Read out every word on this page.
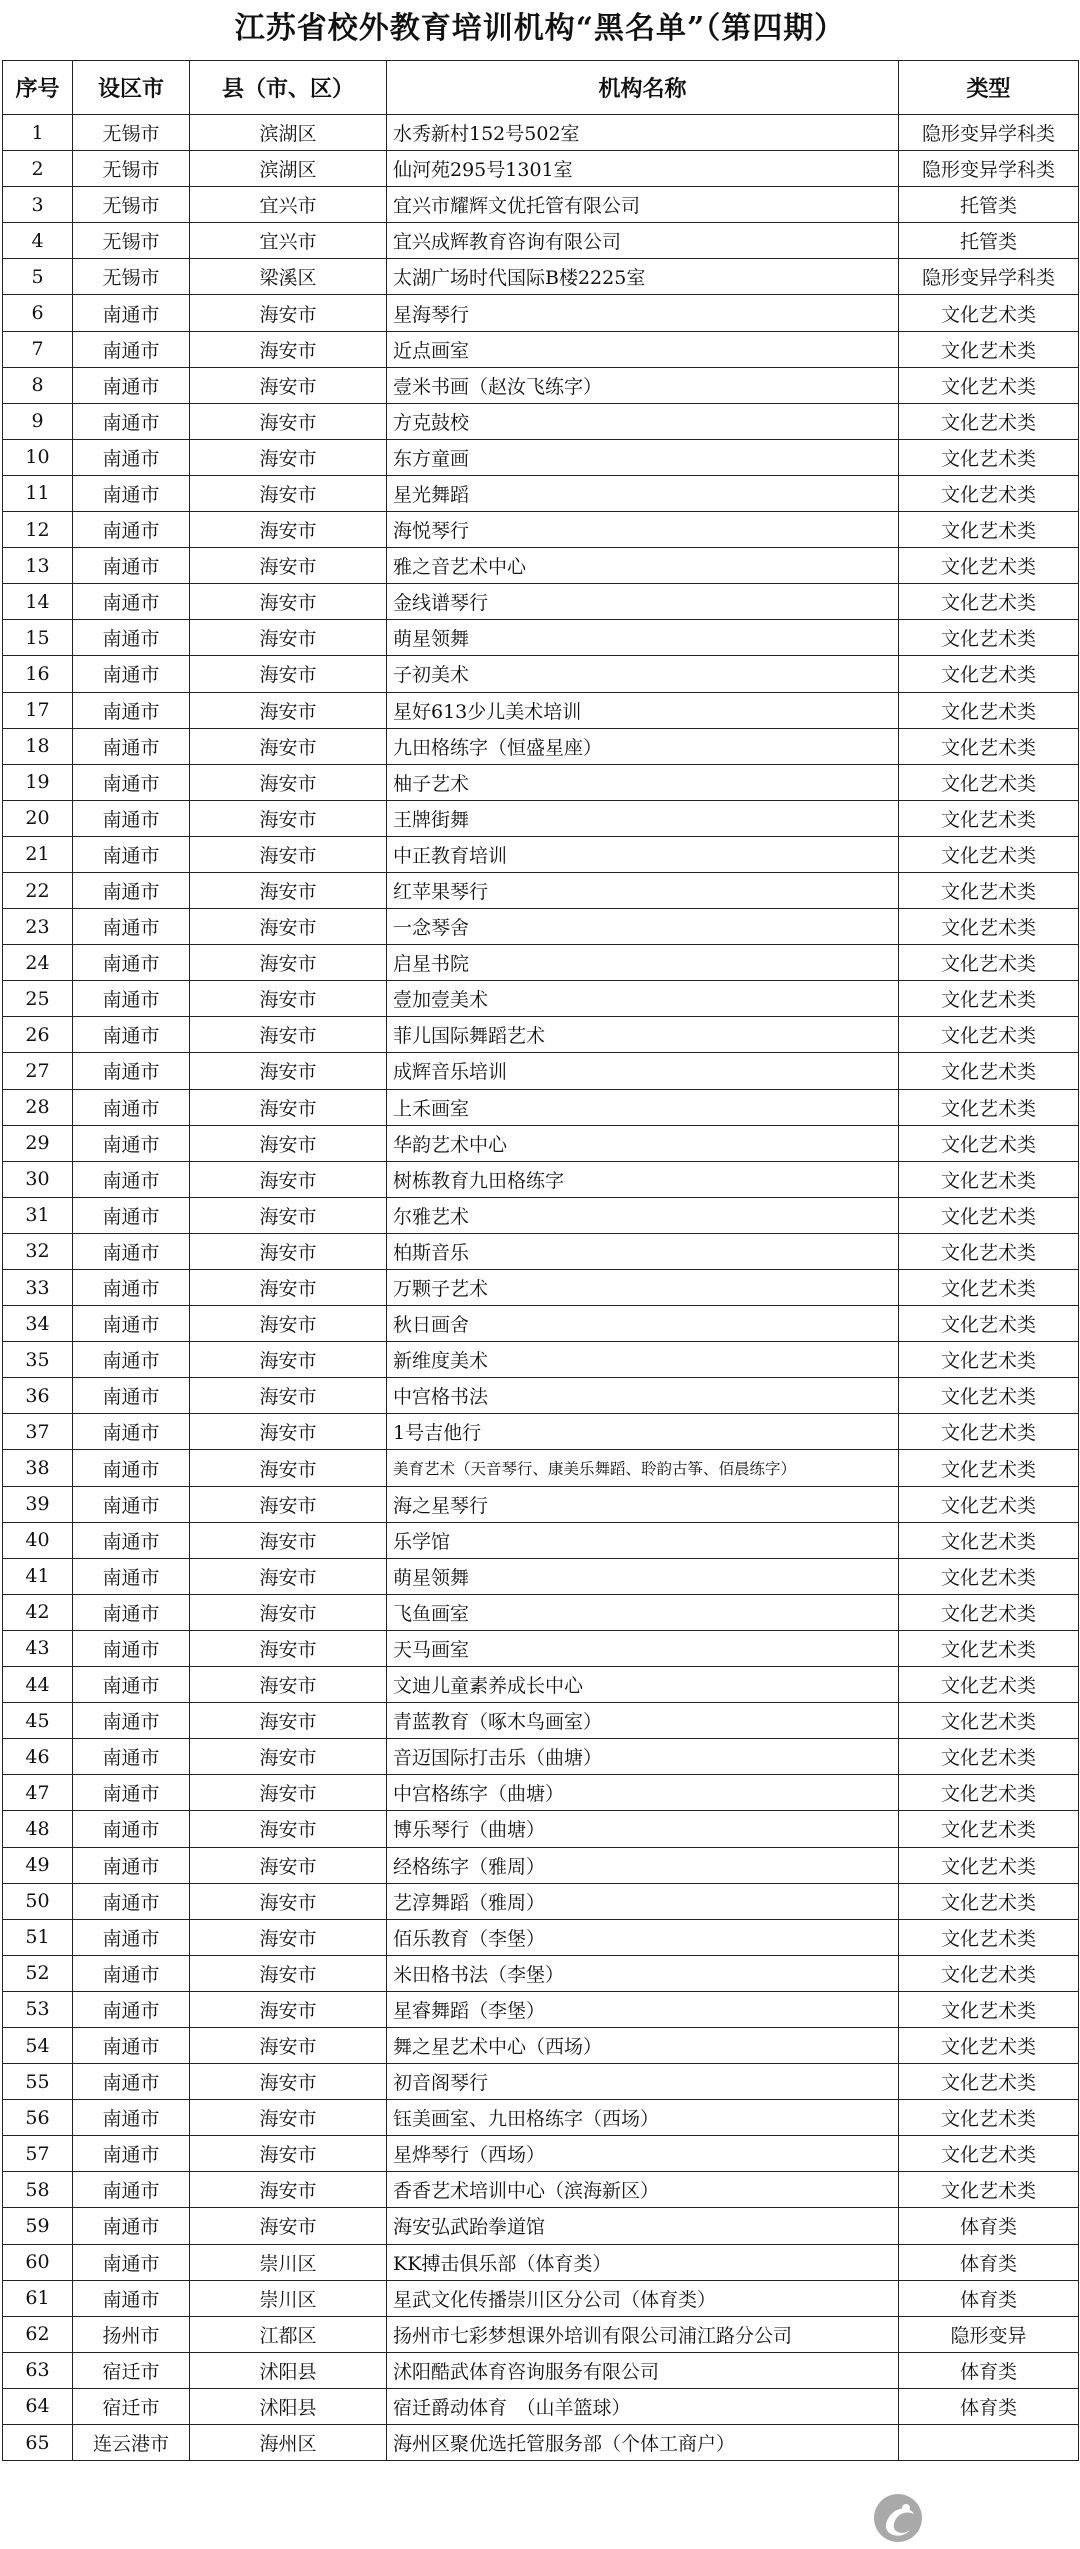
江苏省校外教育培训机构“黑名单”（第四期）
序号	设区市	县（市、区）	机构名称	类型
1	无锡市	滨湖区	水秀新村152号502室	隐形变异学科类
2	无锡市	滨湖区	仙河苑295号1301室	隐形变异学科类
3	无锡市	宜兴市	宜兴市耀辉文优托管有限公司	托管类
4	无锡市	宜兴市	宜兴成辉教育咨询有限公司	托管类
5	无锡市	梁溪区	太湖广场时代国际B楼2225室	隐形变异学科类
6	南通市	海安市	星海琴行	文化艺术类
7	南通市	海安市	近点画室	文化艺术类
8	南通市	海安市	壹米书画（赵汝飞练字）	文化艺术类
9	南通市	海安市	方克鼓校	文化艺术类
10	南通市	海安市	东方童画	文化艺术类
11	南通市	海安市	星光舞蹈	文化艺术类
12	南通市	海安市	海悦琴行	文化艺术类
13	南通市	海安市	雅之音艺术中心	文化艺术类
14	南通市	海安市	金线谱琴行	文化艺术类
15	南通市	海安市	萌星领舞	文化艺术类
16	南通市	海安市	子初美术	文化艺术类
17	南通市	海安市	星好613少儿美术培训	文化艺术类
18	南通市	海安市	九田格练字（恒盛星座）	文化艺术类
19	南通市	海安市	柚子艺术	文化艺术类
20	南通市	海安市	王牌街舞	文化艺术类
21	南通市	海安市	中正教育培训	文化艺术类
22	南通市	海安市	红苹果琴行	文化艺术类
23	南通市	海安市	一念琴舍	文化艺术类
24	南通市	海安市	启星书院	文化艺术类
25	南通市	海安市	壹加壹美术	文化艺术类
26	南通市	海安市	菲儿国际舞蹈艺术	文化艺术类
27	南通市	海安市	成辉音乐培训	文化艺术类
28	南通市	海安市	上禾画室	文化艺术类
29	南通市	海安市	华韵艺术中心	文化艺术类
30	南通市	海安市	树栋教育九田格练字	文化艺术类
31	南通市	海安市	尔雅艺术	文化艺术类
32	南通市	海安市	柏斯音乐	文化艺术类
33	南通市	海安市	万颗子艺术	文化艺术类
34	南通市	海安市	秋日画舍	文化艺术类
35	南通市	海安市	新维度美术	文化艺术类
36	南通市	海安市	中宫格书法	文化艺术类
37	南通市	海安市	1号吉他行	文化艺术类
38	南通市	海安市	美育艺术（天音琴行、康美乐舞蹈、聆韵古筝、佰晨练字）	文化艺术类
39	南通市	海安市	海之星琴行	文化艺术类
40	南通市	海安市	乐学馆	文化艺术类
41	南通市	海安市	萌星领舞	文化艺术类
42	南通市	海安市	飞鱼画室	文化艺术类
43	南通市	海安市	天马画室	文化艺术类
44	南通市	海安市	文迪儿童素养成长中心	文化艺术类
45	南通市	海安市	青蓝教育（啄木鸟画室）	文化艺术类
46	南通市	海安市	音迈国际打击乐（曲塘）	文化艺术类
47	南通市	海安市	中宫格练字（曲塘）	文化艺术类
48	南通市	海安市	博乐琴行（曲塘）	文化艺术类
49	南通市	海安市	经格练字（雅周）	文化艺术类
50	南通市	海安市	艺淳舞蹈（雅周）	文化艺术类
51	南通市	海安市	佰乐教育（李堡）	文化艺术类
52	南通市	海安市	米田格书法（李堡）	文化艺术类
53	南通市	海安市	星睿舞蹈（李堡）	文化艺术类
54	南通市	海安市	舞之星艺术中心（西场）	文化艺术类
55	南通市	海安市	初音阁琴行	文化艺术类
56	南通市	海安市	钰美画室、九田格练字（西场）	文化艺术类
57	南通市	海安市	星烨琴行（西场）	文化艺术类
58	南通市	海安市	香香艺术培训中心（滨海新区）	文化艺术类
59	南通市	海安市	海安弘武跆拳道馆	体育类
60	南通市	崇川区	KK搏击俱乐部（体育类）	体育类
61	南通市	崇川区	星武文化传播崇川区分公司（体育类）	体育类
62	扬州市	江都区	扬州市七彩梦想课外培训有限公司浦江路分公司	隐形变异
63	宿迁市	沭阳县	沭阳酷武体育咨询服务有限公司	体育类
64	宿迁市	沭阳县	宿迁爵动体育　（山羊篮球）	体育类
65	连云港市	海州区	海州区聚优选托管服务部（个体工商户）	
